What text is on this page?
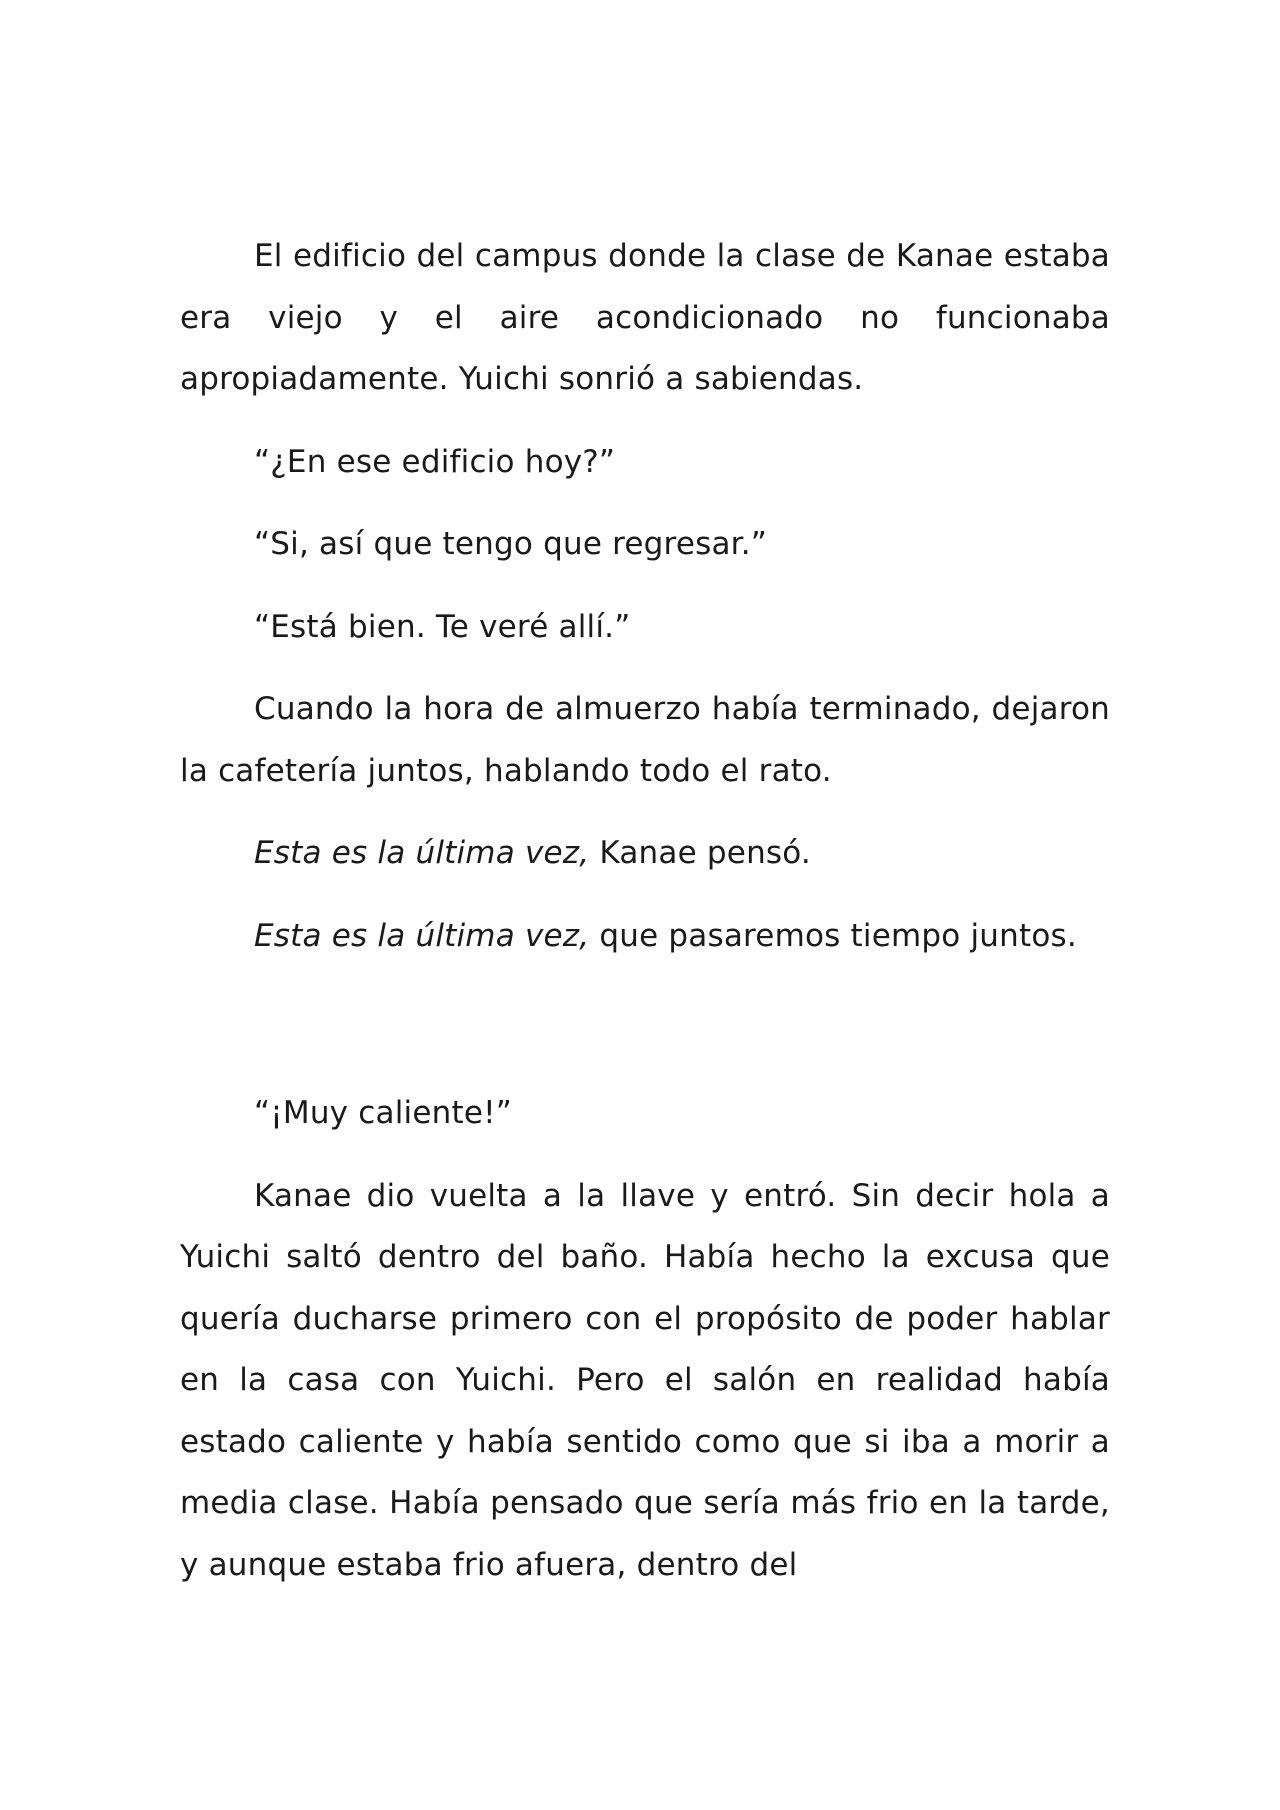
El edificio del campus donde la clase de Kanae estaba era viejo y el aire acondicionado no funcionaba apropiadamente. Yuichi sonrió a sabiendas.

“¿En ese edificio hoy?”

“Si, así que tengo que regresar.”

“Está bien. Te veré allí.”

Cuando la hora de almuerzo había terminado, dejaron la cafetería juntos, hablando todo el rato.

Esta es la última vez, Kanae pensó.

Esta es la última vez, que pasaremos tiempo juntos.

“¡Muy caliente!”

Kanae dio vuelta a la llave y entró. Sin decir hola a Yuichi saltó dentro del baño. Había hecho la excusa que quería ducharse primero con el propósito de poder hablar en la casa con Yuichi. Pero el salón en realidad había estado caliente y había sentido como que si iba a morir a media clase. Había pensado que sería más frio en la tarde, y aunque estaba frio afuera, dentro del
